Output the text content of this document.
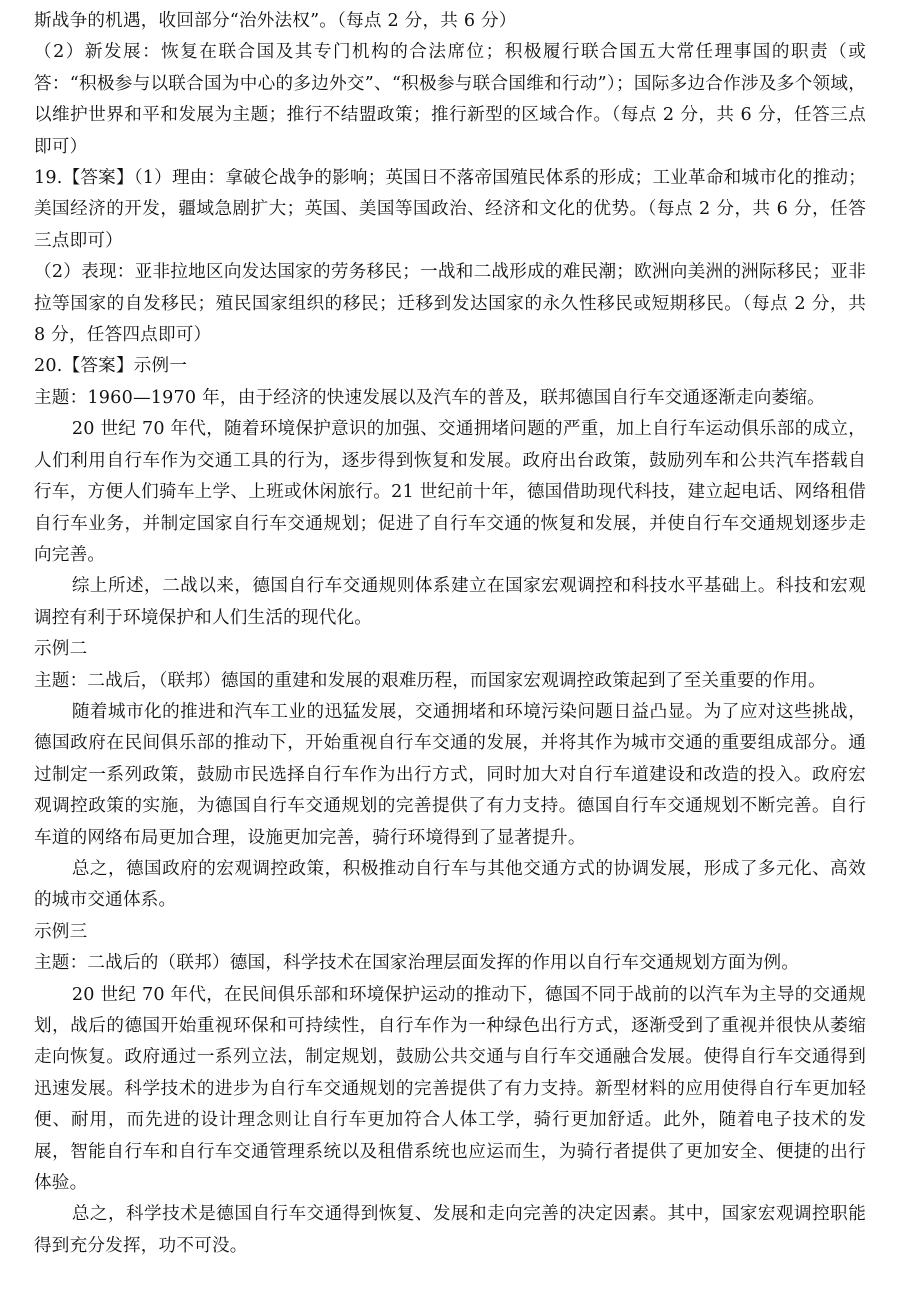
斯战争的机遇，收回部分“治外法权”。（每点 2 分，共 6 分）

（2）新发展：恢复在联合国及其专门机构的合法席位；积极履行联合国五大常任理事国的职责（或答：“积极参与以联合国为中心的多边外交”、“积极参与联合国维和行动”）；国际多边合作涉及多个领域，以维护世界和平和发展为主题；推行不结盟政策；推行新型的区域合作。（每点 2 分，共 6 分，任答三点即可）

19.【答案】（1）理由：拿破仑战争的影响；英国日不落帝国殖民体系的形成；工业革命和城市化的推动；美国经济的开发，疆域急剧扩大；英国、美国等国政治、经济和文化的优势。（每点 2 分，共 6 分，任答三点即可）

（2）表现：亚非拉地区向发达国家的劳务移民；一战和二战形成的难民潮；欧洲向美洲的洲际移民；亚非拉等国家的自发移民；殖民国家组织的移民；迁移到发达国家的永久性移民或短期移民。（每点 2 分，共 8 分，任答四点即可）

20.【答案】示例一

主题：1960—1970 年，由于经济的快速发展以及汽车的普及，联邦德国自行车交通逐渐走向萎缩。

20 世纪 70 年代，随着环境保护意识的加强、交通拥堵问题的严重，加上自行车运动俱乐部的成立，人们利用自行车作为交通工具的行为，逐步得到恢复和发展。政府出台政策，鼓励列车和公共汽车搭载自行车，方便人们骑车上学、上班或休闲旅行。21 世纪前十年，德国借助现代科技，建立起电话、网络租借自行车业务，并制定国家自行车交通规划；促进了自行车交通的恢复和发展，并使自行车交通规划逐步走向完善。

综上所述，二战以来，德国自行车交通规则体系建立在国家宏观调控和科技水平基础上。科技和宏观调控有利于环境保护和人们生活的现代化。

示例二

主题：二战后，（联邦）德国的重建和发展的艰难历程，而国家宏观调控政策起到了至关重要的作用。

随着城市化的推进和汽车工业的迅猛发展，交通拥堵和环境污染问题日益凸显。为了应对这些挑战，德国政府在民间俱乐部的推动下，开始重视自行车交通的发展，并将其作为城市交通的重要组成部分。通过制定一系列政策，鼓励市民选择自行车作为出行方式，同时加大对自行车道建设和改造的投入。政府宏观调控政策的实施，为德国自行车交通规划的完善提供了有力支持。德国自行车交通规划不断完善。自行车道的网络布局更加合理，设施更加完善，骑行环境得到了显著提升。

总之，德国政府的宏观调控政策，积极推动自行车与其他交通方式的协调发展，形成了多元化、高效的城市交通体系。

示例三

主题：二战后的（联邦）德国，科学技术在国家治理层面发挥的作用以自行车交通规划方面为例。

20 世纪 70 年代，在民间俱乐部和环境保护运动的推动下，德国不同于战前的以汽车为主导的交通规划，战后的德国开始重视环保和可持续性，自行车作为一种绿色出行方式，逐渐受到了重视并很快从萎缩走向恢复。政府通过一系列立法，制定规划，鼓励公共交通与自行车交通融合发展。使得自行车交通得到迅速发展。科学技术的进步为自行车交通规划的完善提供了有力支持。新型材料的应用使得自行车更加轻便、耐用，而先进的设计理念则让自行车更加符合人体工学，骑行更加舒适。此外，随着电子技术的发展，智能自行车和自行车交通管理系统以及租借系统也应运而生，为骑行者提供了更加安全、便捷的出行体验。

总之，科学技术是德国自行车交通得到恢复、发展和走向完善的决定因素。其中，国家宏观调控职能得到充分发挥，功不可没。
